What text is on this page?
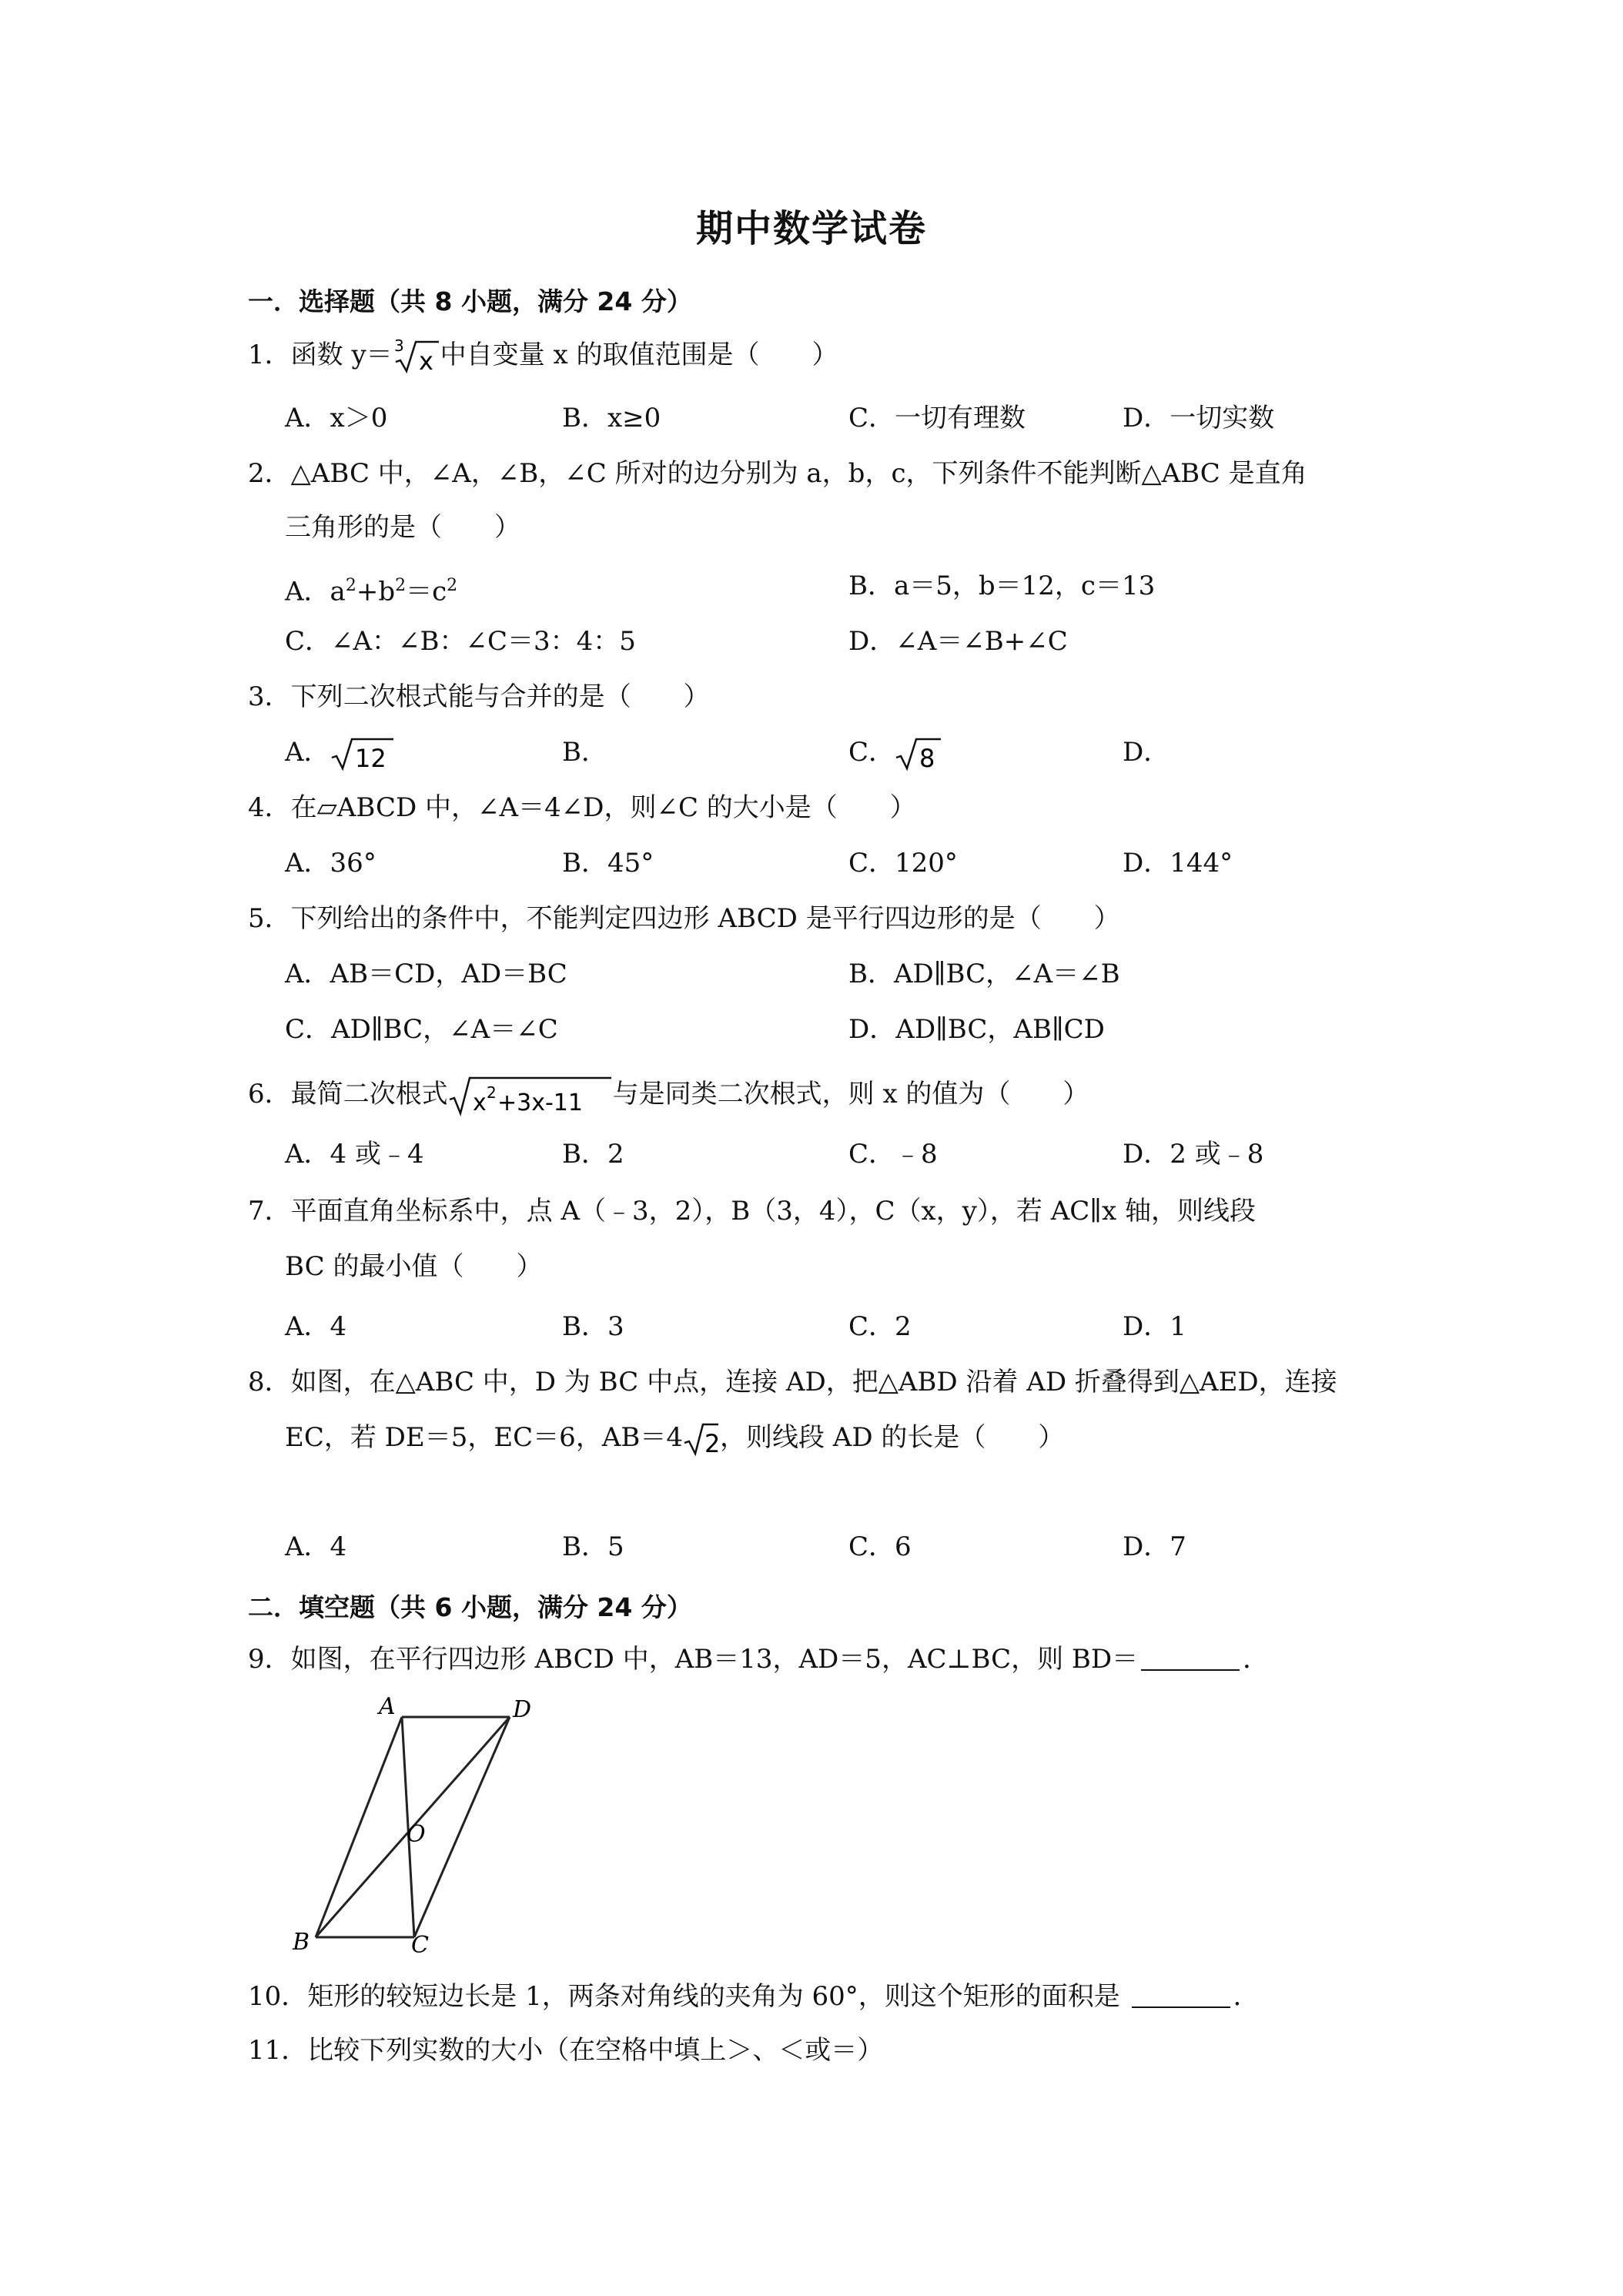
期中数学试卷
一．选择题（共 8 小题，满分 24 分）
1．函数 y＝ 3
x 中自变量 x 的取值范围是（　　）
A．x＞0	B．x≥0	C．一切有理数	D．一切实数
2．△ABC 中，∠A，∠B，∠C 所对的边分别为 a，b，c，下列条件不能判断△ABC 是直角
三角形的是（　　）
A．$a^2+b^2=c^2$	B．a＝5，b＝12，c＝13
C．∠A：∠B：∠C＝3：4：5	D．∠A＝∠B+∠C
3．下列二次根式能与合并的是（　　）
A． 12	B．	C． 8	D．
4．在▱ABCD 中，∠A＝4∠D，则∠C 的大小是（　　）
A．36°	B．45°	C．120°	D．144°
5．下列给出的条件中，不能判定四边形 ABCD 是平行四边形的是（　　）
A．AB＝CD，AD＝BC	B．AD∥BC，∠A＝∠B
C．AD∥BC，∠A＝∠C	D．AD∥BC，AB∥CD
6．最简二次根式 x 2 +3x-11 与是同类二次根式，则 x 的值为（　　）
A．4 或﹣4	B．2	C．﹣8	D．2 或﹣8
7．平面直角坐标系中，点 A（﹣3，2），B（3，4），C（x，y），若 AC∥x 轴，则线段
BC 的最小值（　　）
A．4	B．3	C．2	D．1
8．如图，在△ABC 中，D 为 BC 中点，连接 AD，把△ABD 沿着 AD 折叠得到△AED，连接
EC，若 DE＝5，EC＝6，AB＝4 2 ，则线段 AD 的长是（　　）
A．4	B．5	C．6	D．7
二．填空题（共 6 小题，满分 24 分）
9．如图，在平行四边形 ABCD 中，AB＝13，AD＝5，AC⊥BC，则 BD＝	．
A	D
O
B	C
10．矩形的较短边长是 1，两条对角线的夹角为 60°，则这个矩形的面积是	．
11．比较下列实数的大小（在空格中填上＞、＜或＝）
